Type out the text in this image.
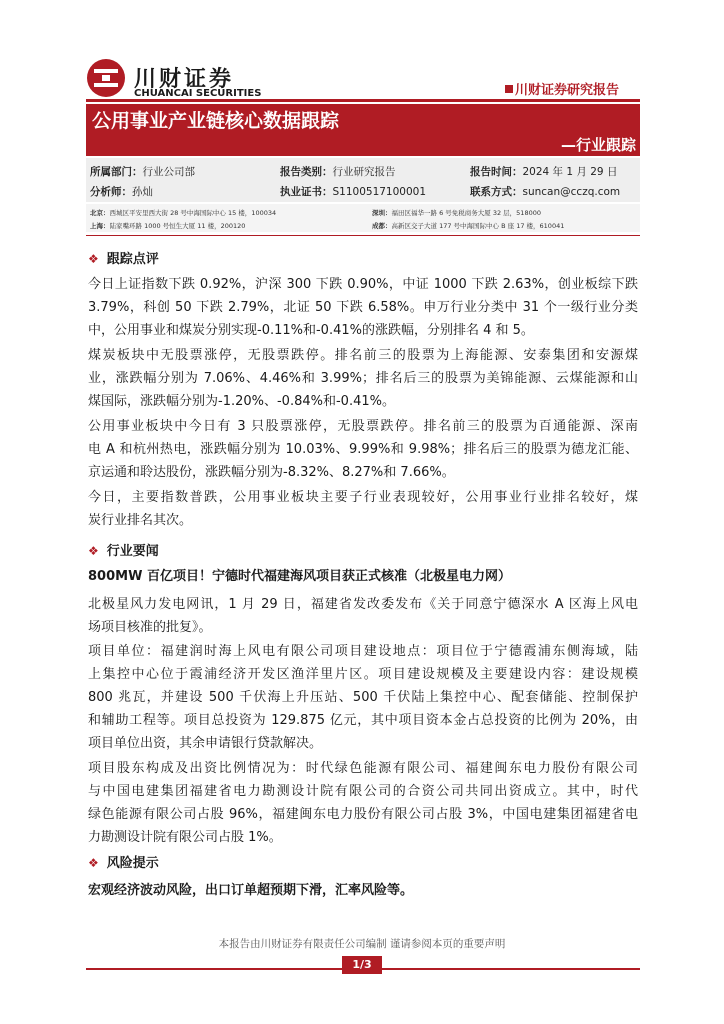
川财证券
CHUANCAI SECURITIES	川财证券研究报告
公用事业产业链核心数据跟踪
—行业跟踪
所属部门：行业公司部	报告类别：行业研究报告	报告时间：2024 年 1 月 29 日
分析师：孙灿	执业证书：S1100517100001	联系方式：suncan@cczq.com
北京：西城区平安里西大街 28 号中海国际中心 15 楼，100034	深圳：福田区福华一路 6 号免税商务大厦 32 层，518000
上海：陆家嘴环路 1000 号恒生大厦 11 楼，200120	成都：高新区交子大道 177 号中海国际中心 B 座 17 楼，610041
❖ 跟踪点评
今日上证指数下跌 0.92%，沪深 300 下跌 0.90%，中证 1000 下跌 2.63%，创业板综下跌
3.79%，科创 50 下跌 2.79%，北证 50 下跌 6.58%。申万行业分类中 31 个一级行业分类
中，公用事业和煤炭分别实现-0.11%和-0.41%的涨跌幅，分别排名 4 和 5。
煤炭板块中无股票涨停，无股票跌停。排名前三的股票为上海能源、安泰集团和安源煤
业，涨跌幅分别为 7.06%、4.46%和 3.99%；排名后三的股票为美锦能源、云煤能源和山
煤国际，涨跌幅分别为-1.20%、-0.84%和-0.41%。
公用事业板块中今日有 3 只股票涨停，无股票跌停。排名前三的股票为百通能源、深南
电 A 和杭州热电，涨跌幅分别为 10.03%、9.99%和 9.98%；排名后三的股票为德龙汇能、
京运通和聆达股份，涨跌幅分别为-8.32%、8.27%和 7.66%。
今日，主要指数普跌，公用事业板块主要子行业表现较好，公用事业行业排名较好，煤
炭行业排名其次。
❖ 行业要闻
800MW 百亿项目！宁德时代福建海风项目获正式核准（北极星电力网）
北极星风力发电网讯，1 月 29 日，福建省发改委发布《关于同意宁德深水 A 区海上风电
场项目核准的批复》。
项目单位：福建润时海上风电有限公司项目建设地点：项目位于宁德霞浦东侧海域，陆
上集控中心位于霞浦经济开发区渔洋里片区。项目建设规模及主要建设内容：建设规模
800 兆瓦，并建设 500 千伏海上升压站、500 千伏陆上集控中心、配套储能、控制保护
和辅助工程等。项目总投资为 129.875 亿元，其中项目资本金占总投资的比例为 20%，由
项目单位出资，其余申请银行贷款解决。
项目股东构成及出资比例情况为：时代绿色能源有限公司、福建闽东电力股份有限公司
与中国电建集团福建省电力勘测设计院有限公司的合资公司共同出资成立。其中，时代
绿色能源有限公司占股 96%，福建闽东电力股份有限公司占股 3%，中国电建集团福建省电
力勘测设计院有限公司占股 1%。
❖ 风险提示
宏观经济波动风险，出口订单超预期下滑，汇率风险等。
本报告由川财证券有限责任公司编制 谨请参阅本页的重要声明
1/3
